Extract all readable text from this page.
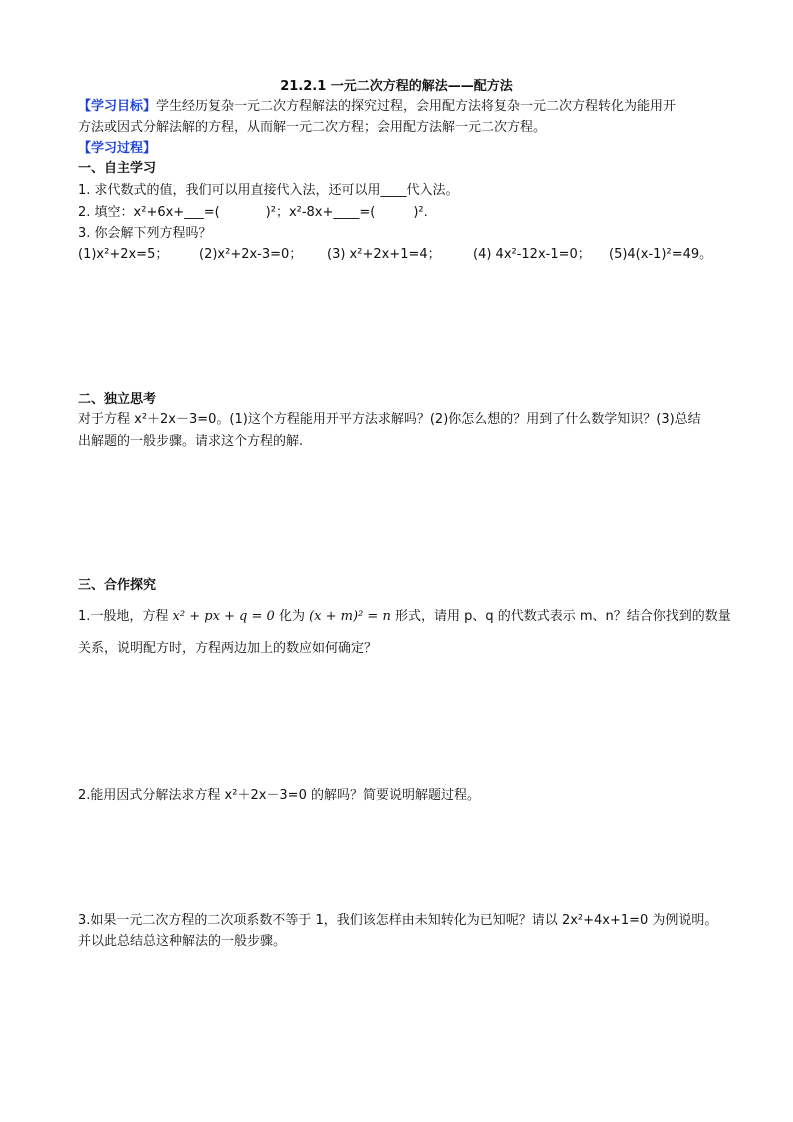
21.2.1 一元二次方程的解法——配方法
【学习目标】学生经历复杂一元二次方程解法的探究过程，会用配方法将复杂一元二次方程转化为能用开
方法或因式分解法解的方程，从而解一元二次方程；会用配方法解一元二次方程。
【学习过程】
一、自主学习
1. 求代数式的值，我们可以用直接代入法，还可以用____代入法。
2. 填空：x²+6x+___=(	)²；x²-8x+____=(	)².
3. 你会解下列方程吗？
(1)x²+2x=5； (2)x²+2x-3=0； (3) x²+2x+1=4； (4) 4x²-12x-1=0； (5)4(x-1)²=49。
二、独立思考
对于方程 x²＋2x－3=0。(1)这个方程能用开平方法求解吗？(2)你怎么想的？用到了什么数学知识？(3)总结
出解题的一般步骤。请求这个方程的解.
三、合作探究
1.一般地，方程 x² + px + q = 0 化为 (x + m)² = n 形式，请用 p、q 的代数式表示 m、n？结合你找到的数量
关系，说明配方时，方程两边加上的数应如何确定？
2.能用因式分解法求方程 x²＋2x－3=0 的解吗？简要说明解题过程。
3.如果一元二次方程的二次项系数不等于 1，我们该怎样由未知转化为已知呢？请以 2x²+4x+1=0 为例说明。
并以此总结总这种解法的一般步骤。
